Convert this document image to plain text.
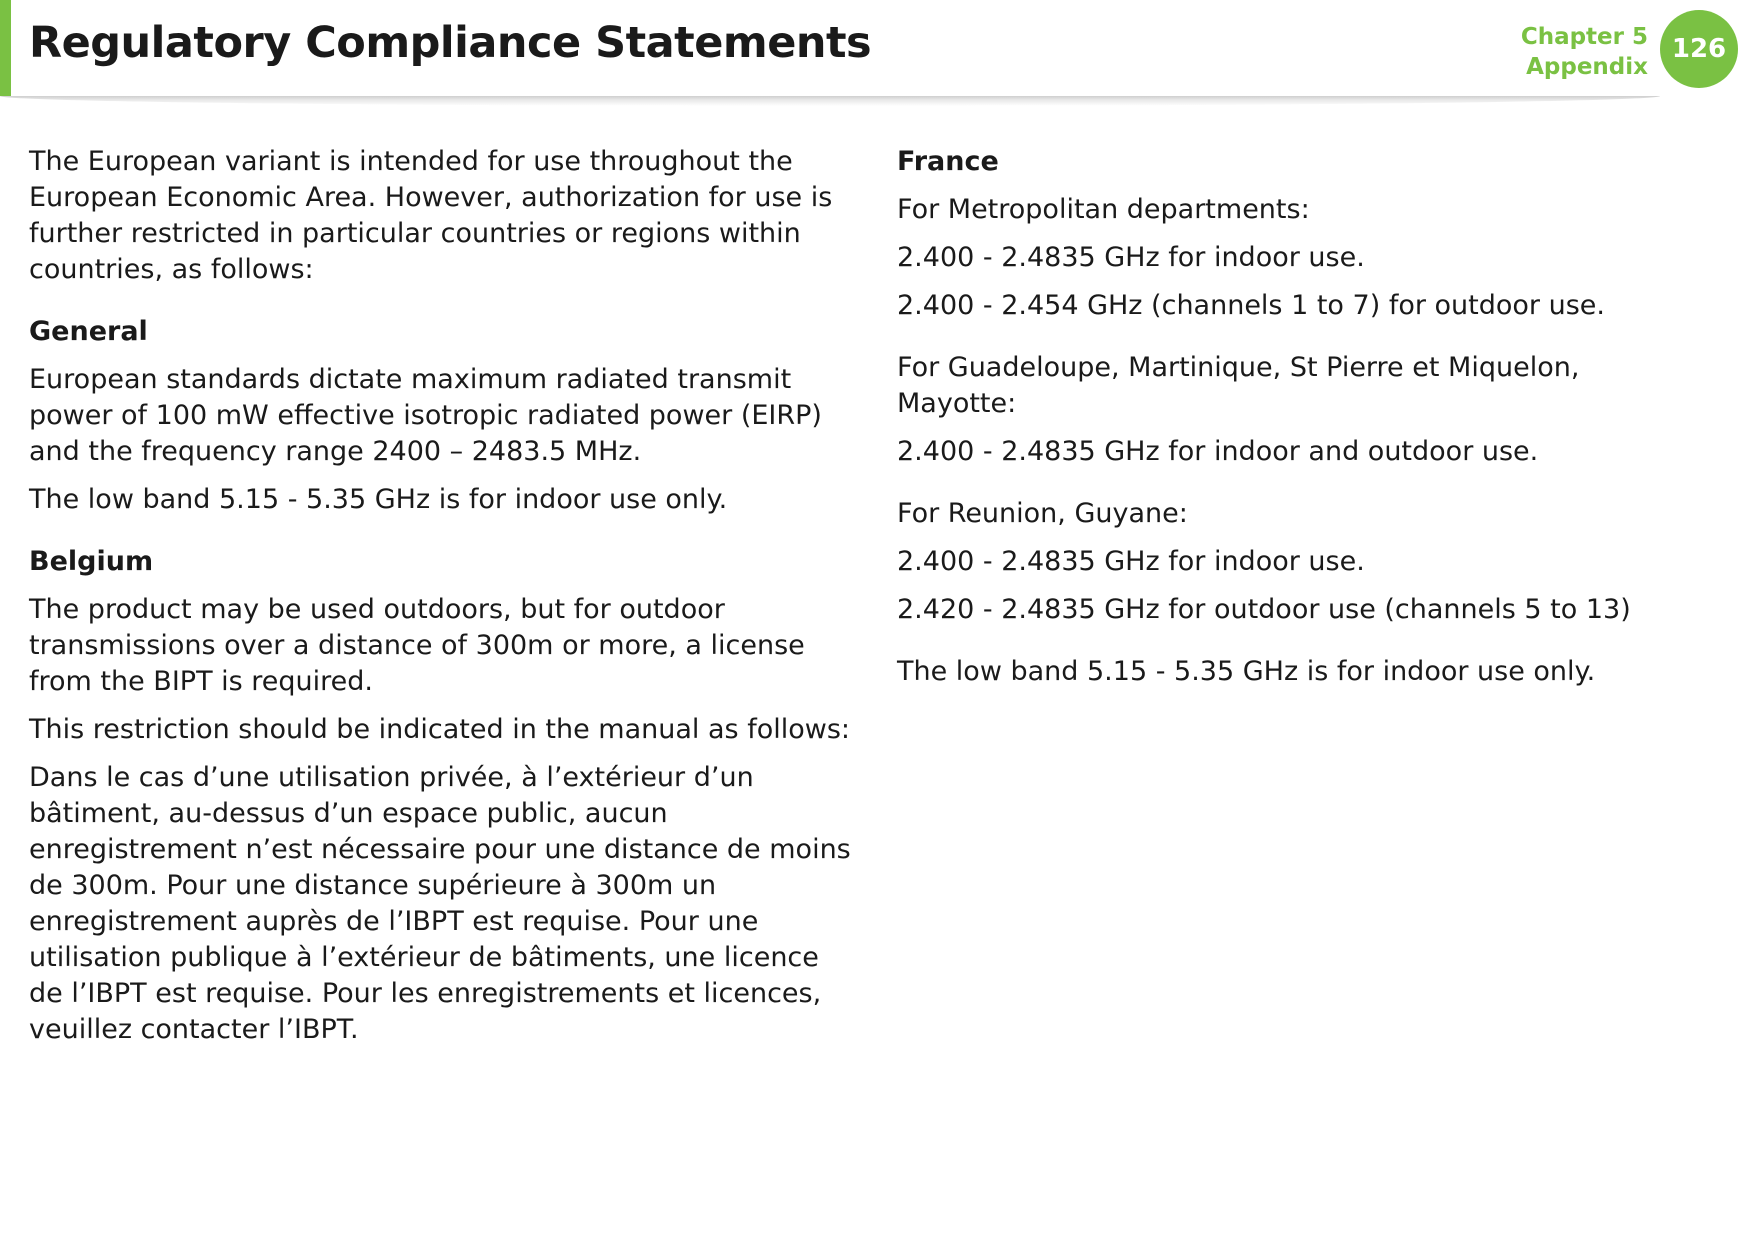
Regulatory Compliance Statements	Chapter 5
Appendix
126

The European variant is intended for use throughout the European Economic Area. However, authorization for use is further restricted in particular countries or regions within countries, as follows:

General

European standards dictate maximum radiated transmit power of 100 mW effective isotropic radiated power (EIRP) and the frequency range 2400 – 2483.5 MHz.

The low band 5.15 - 5.35 GHz is for indoor use only.

Belgium

The product may be used outdoors, but for outdoor transmissions over a distance of 300m or more, a license from the BIPT is required.

This restriction should be indicated in the manual as follows:

Dans le cas d’une utilisation privée, à l’extérieur d’un bâtiment, au-dessus d’un espace public, aucun enregistrement n’est nécessaire pour une distance de moins de 300m. Pour une distance supérieure à 300m un enregistrement auprès de l’IBPT est requise. Pour une utilisation publique à l’extérieur de bâtiments, une licence de l’IBPT est requise. Pour les enregistrements et licences, veuillez contacter l’IBPT.

France

For Metropolitan departments:

2.400 - 2.4835 GHz for indoor use.

2.400 - 2.454 GHz (channels 1 to 7) for outdoor use.

For Guadeloupe, Martinique, St Pierre et Miquelon, Mayotte:

2.400 - 2.4835 GHz for indoor and outdoor use.

For Reunion, Guyane:

2.400 - 2.4835 GHz for indoor use.

2.420 - 2.4835 GHz for outdoor use (channels 5 to 13)

The low band 5.15 - 5.35 GHz is for indoor use only.
